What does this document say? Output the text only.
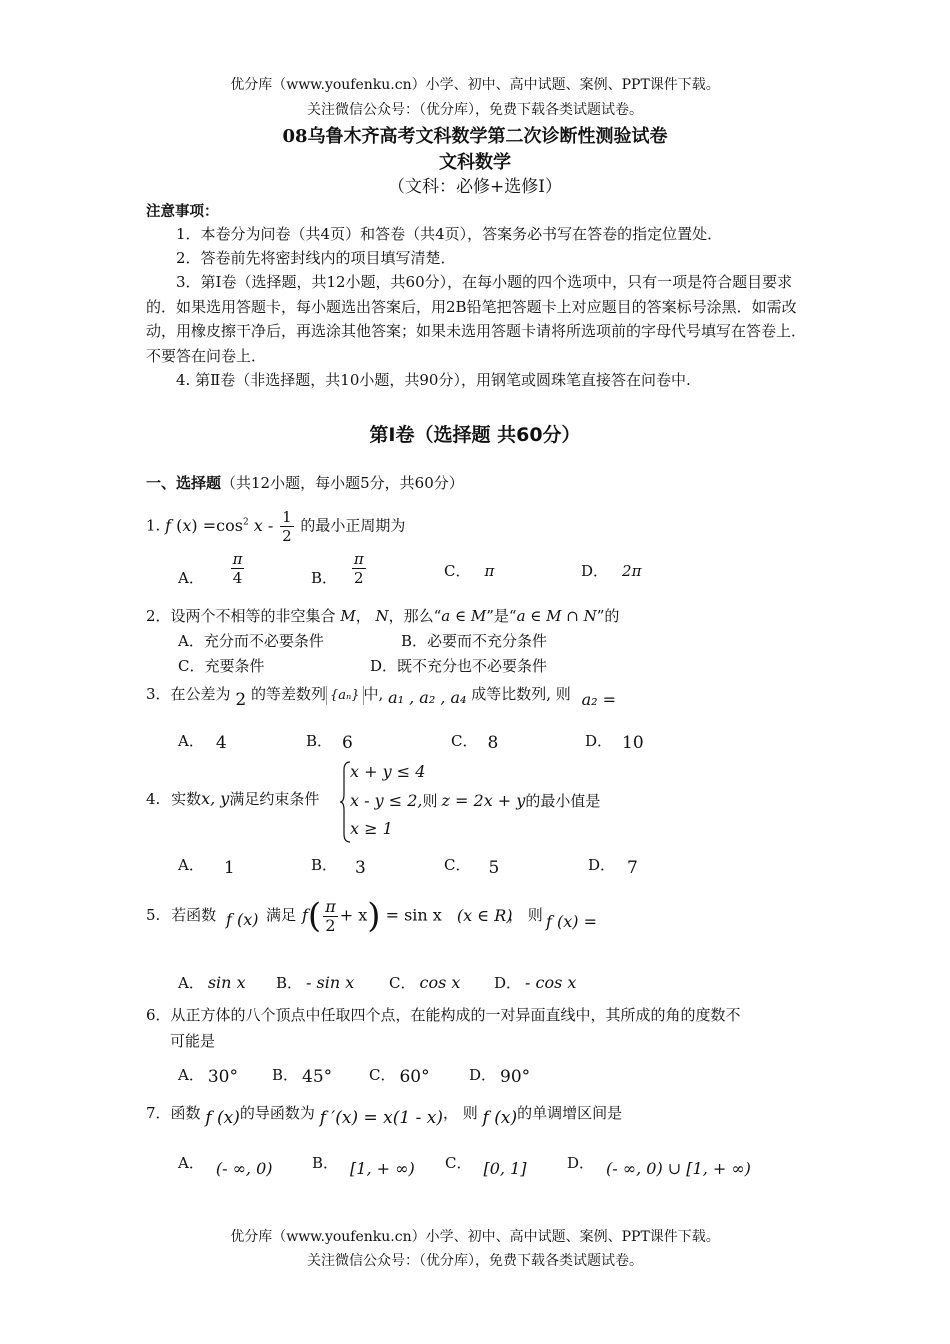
优分库（www.youfenku.cn）小学、初中、高中试题、案例、PPT课件下载。
关注微信公众号：（优分库），免费下载各类试题试卷。
08乌鲁木齐高考文科数学第二次诊断性测验试卷
文科数学
（文科：必修+选修Ⅰ）
注意事项：
1．本卷分为问卷（共4页）和答卷（共4页），答案务必书写在答卷的指定位置处．
2．答卷前先将密封线内的项目填写清楚．
3．第Ⅰ卷（选择题，共12小题，共60分），在每小题的四个选项中，只有一项是符合题目要求的．如果选用答题卡，每小题选出答案后，用2B铅笔把答题卡上对应题目的答案标号涂黑．如需改动，用橡皮擦干净后，再选涂其他答案；如果未选用答题卡请将所选项前的字母代号填写在答卷上．不要答在问卷上．
4. 第Ⅱ卷（非选择题，共10小题，共90分），用钢笔或圆珠笔直接答在问卷中.
第Ⅰ卷（选择题 共60分）
一、选择题（共12小题，每小题5分，共60分）
1. f $(x) =\cos^2$ x - $\frac{1}{2}$ 的最小正周期为
A． $\frac{\pi}{4}$	B． $\frac{\pi}{2}$	C． π	D． 2π
2．设两个不相等的非空集合 M， N，那么“a ∈ M”是“a ∈ M ∩ N”的
A．充分而不必要条件	B．必要而不充分条件
C．充要条件	D．既不充分也不必要条件
3．在公差为 2 的等差数列 {aₙ} 中, a₁ , a₂ , a₄ 成等比数列, 则 a₂ =
A． 4	B． 6	C． 8	D． 10
4. 实数x, y满足约束条件
x + y ≤ 4
x - y ≤ 2,则 z = 2x + y的最小值是
x ≥ 1
A． 1	B． 3	C． 5	D． 7
5. 若函数 f (x) 满足 $f( \frac{\pi}{2} + x) = \sin x$ (x ∈ R)
， 则 f (x) =
A． sin x B． - sin x C． cos x D． - cos x
6．从正方体的八个顶点中任取四个点，在能构成的一对异面直线中，其所成的角的度数不
可能是
A． 30° B． 45° C． 60°	D． 90°
7．函数 f (x)的导函数为 f ′(x) = x(1 - x)， 则 f (x)的单调增区间是
A． (- ∞, 0)	B． [1, + ∞) C． [0, 1]	D． (- ∞, 0) ∪ [1, + ∞)
优分库（www.youfenku.cn）小学、初中、高中试题、案例、PPT课件下载。
关注微信公众号：（优分库），免费下载各类试题试卷。
